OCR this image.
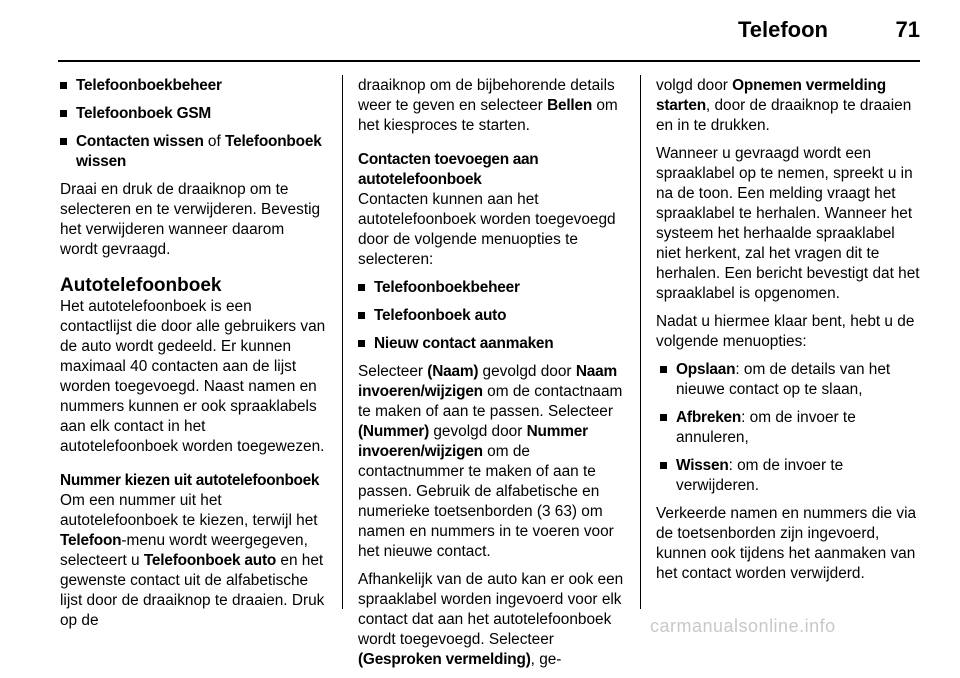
Telefoon	71
Telefoonboekbeheer
Telefoonboek GSM
Contacten wissen of Telefoonboek wissen

Draai en druk de draaiknop om te selecteren en te verwijderen. Bevestig het verwijderen wanneer daarom wordt gevraagd.

Autotelefoonboek

Het autotelefoonboek is een contactlijst die door alle gebruikers van de auto wordt gedeeld. Er kunnen maximaal 40 contacten aan de lijst worden toegevoegd. Naast namen en nummers kunnen er ook spraaklabels aan elk contact in het autotelefoonboek worden toegewezen.

Nummer kiezen uit autotelefoonboek

Om een nummer uit het autotelefoonboek te kiezen, terwijl het Telefoon-menu wordt weergegeven, selecteert u Telefoonboek auto en het gewenste contact uit de alfabetische lijst door de draaiknop te draaien. Druk op de

draaiknop om de bijbehorende details weer te geven en selecteer Bellen om het kiesproces te starten.

Contacten toevoegen aan autotelefoonboek

Contacten kunnen aan het autotelefoonboek worden toegevoegd door de volgende menuopties te selecteren:

Telefoonboekbeheer
Telefoonboek auto
Nieuw contact aanmaken

Selecteer (Naam) gevolgd door Naam invoeren/wijzigen om de contactnaam te maken of aan te passen. Selecteer (Nummer) gevolgd door Nummer invoeren/wijzigen om de contactnummer te maken of aan te passen. Gebruik de alfabetische en numerieke toetsenborden (3 63) om namen en nummers in te voeren voor het nieuwe contact.

Afhankelijk van de auto kan er ook een spraaklabel worden ingevoerd voor elk contact dat aan het autotelefoonboek wordt toegevoegd. Selecteer (Gesproken vermelding), ge-

volgd door Opnemen vermelding starten, door de draaiknop te draaien en in te drukken.

Wanneer u gevraagd wordt een spraaklabel op te nemen, spreekt u in na de toon. Een melding vraagt het spraaklabel te herhalen. Wanneer het systeem het herhaalde spraaklabel niet herkent, zal het vragen dit te herhalen. Een bericht bevestigt dat het spraaklabel is opgenomen.

Nadat u hiermee klaar bent, hebt u de volgende menuopties:

Opslaan: om de details van het nieuwe contact op te slaan,
Afbreken: om de invoer te annuleren,
Wissen: om de invoer te verwijderen.

Verkeerde namen en nummers die via de toetsenborden zijn ingevoerd, kunnen ook tijdens het aanmaken van het contact worden verwijderd.

carmanualsonline.info
